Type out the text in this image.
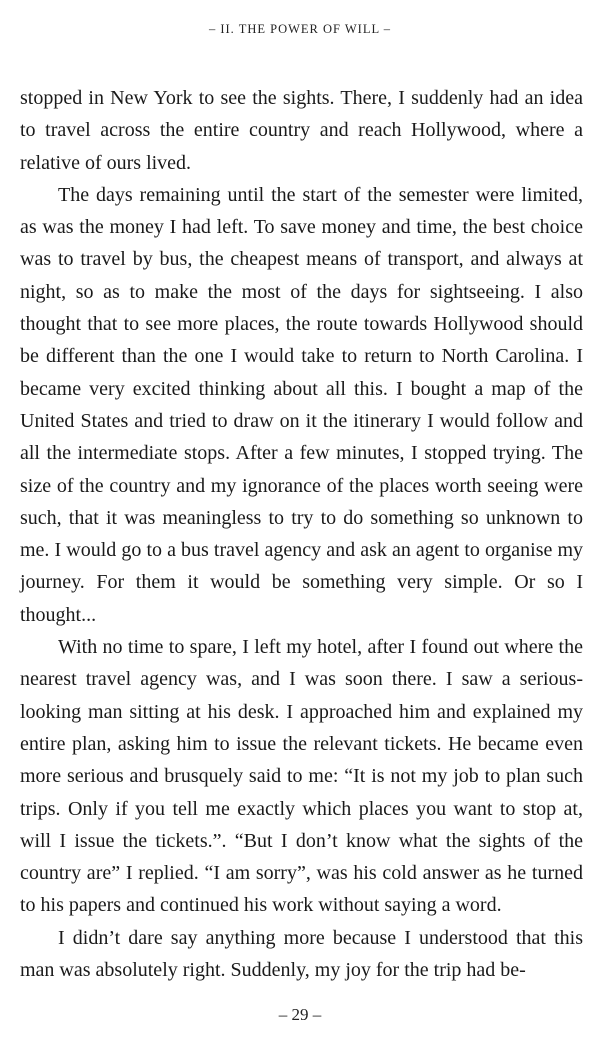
– II. THE POWER OF WILL –

stopped in New York to see the sights. There, I suddenly had an idea to travel across the entire country and reach Hollywood, where a relative of ours lived.

The days remaining until the start of the semester were limited, as was the money I had left. To save money and time, the best choice was to travel by bus, the cheapest means of transport, and always at night, so as to make the most of the days for sightseeing. I also thought that to see more places, the route towards Hollywood should be different than the one I would take to return to North Carolina. I became very excited thinking about all this. I bought a map of the United States and tried to draw on it the itinerary I would follow and all the intermediate stops. After a few minutes, I stopped trying. The size of the country and my ignorance of the places worth seeing were such, that it was meaningless to try to do something so unknown to me. I would go to a bus travel agency and ask an agent to organise my journey. For them it would be something very simple. Or so I thought...

With no time to spare, I left my hotel, after I found out where the nearest travel agency was, and I was soon there. I saw a serious-looking man sitting at his desk. I approached him and explained my entire plan, asking him to issue the relevant tickets. He became even more serious and brusquely said to me: “It is not my job to plan such trips. Only if you tell me exactly which places you want to stop at, will I issue the tickets.”. “But I don’t know what the sights of the country are” I replied. “I am sorry”, was his cold answer as he turned to his papers and continued his work without saying a word.

I didn’t dare say anything more because I understood that this man was absolutely right. Suddenly, my joy for the trip had be-

– 29 –
